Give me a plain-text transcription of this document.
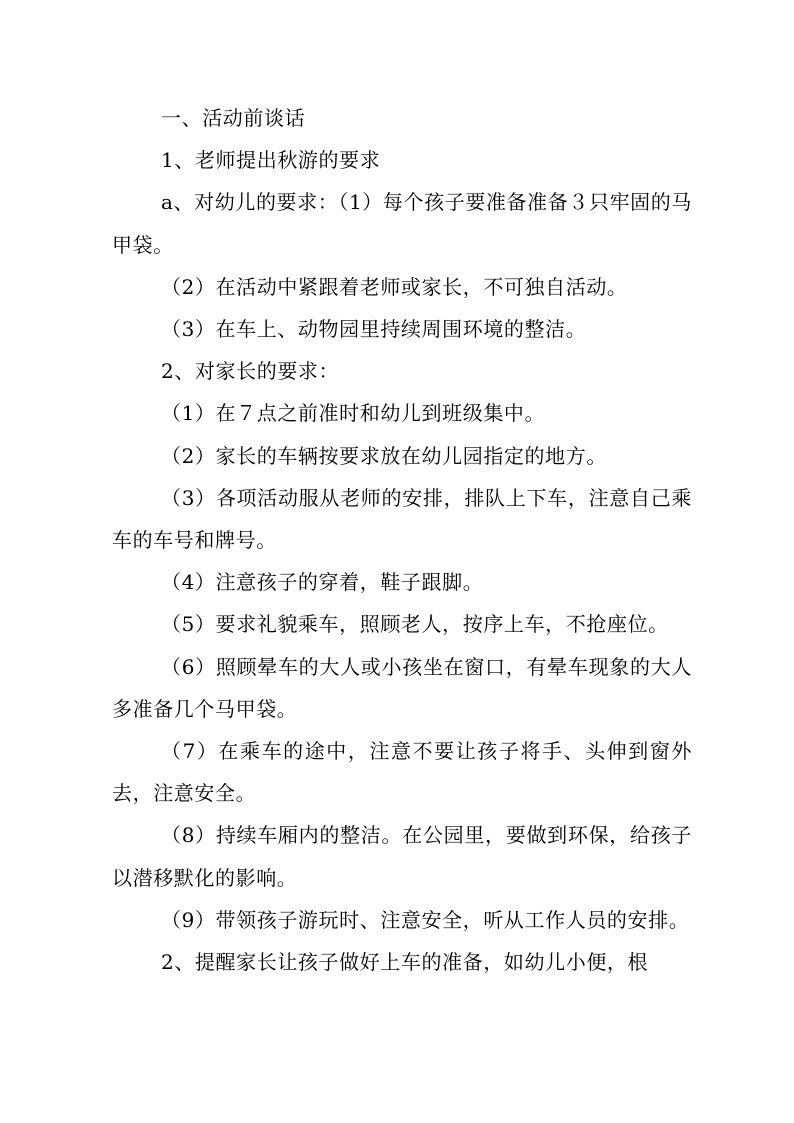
一、活动前谈话

1、老师提出秋游的要求

a、对幼儿的要求：（1）每个孩子要准备准备３只牢固的马甲袋。

（2）在活动中紧跟着老师或家长，不可独自活动。

（3）在车上、动物园里持续周围环境的整洁。

2、对家长的要求：

（1）在７点之前准时和幼儿到班级集中。

（2）家长的车辆按要求放在幼儿园指定的地方。

（3）各项活动服从老师的安排，排队上下车，注意自己乘车的车号和牌号。

（4）注意孩子的穿着，鞋子跟脚。

（5）要求礼貌乘车，照顾老人，按序上车，不抢座位。

（6）照顾晕车的大人或小孩坐在窗口，有晕车现象的大人多准备几个马甲袋。

（7）在乘车的途中，注意不要让孩子将手、头伸到窗外去，注意安全。

（8）持续车厢内的整洁。在公园里，要做到环保，给孩子以潜移默化的影响。

（9）带领孩子游玩时、注意安全，听从工作人员的安排。

2、提醒家长让孩子做好上车的准备，如幼儿小便，根
